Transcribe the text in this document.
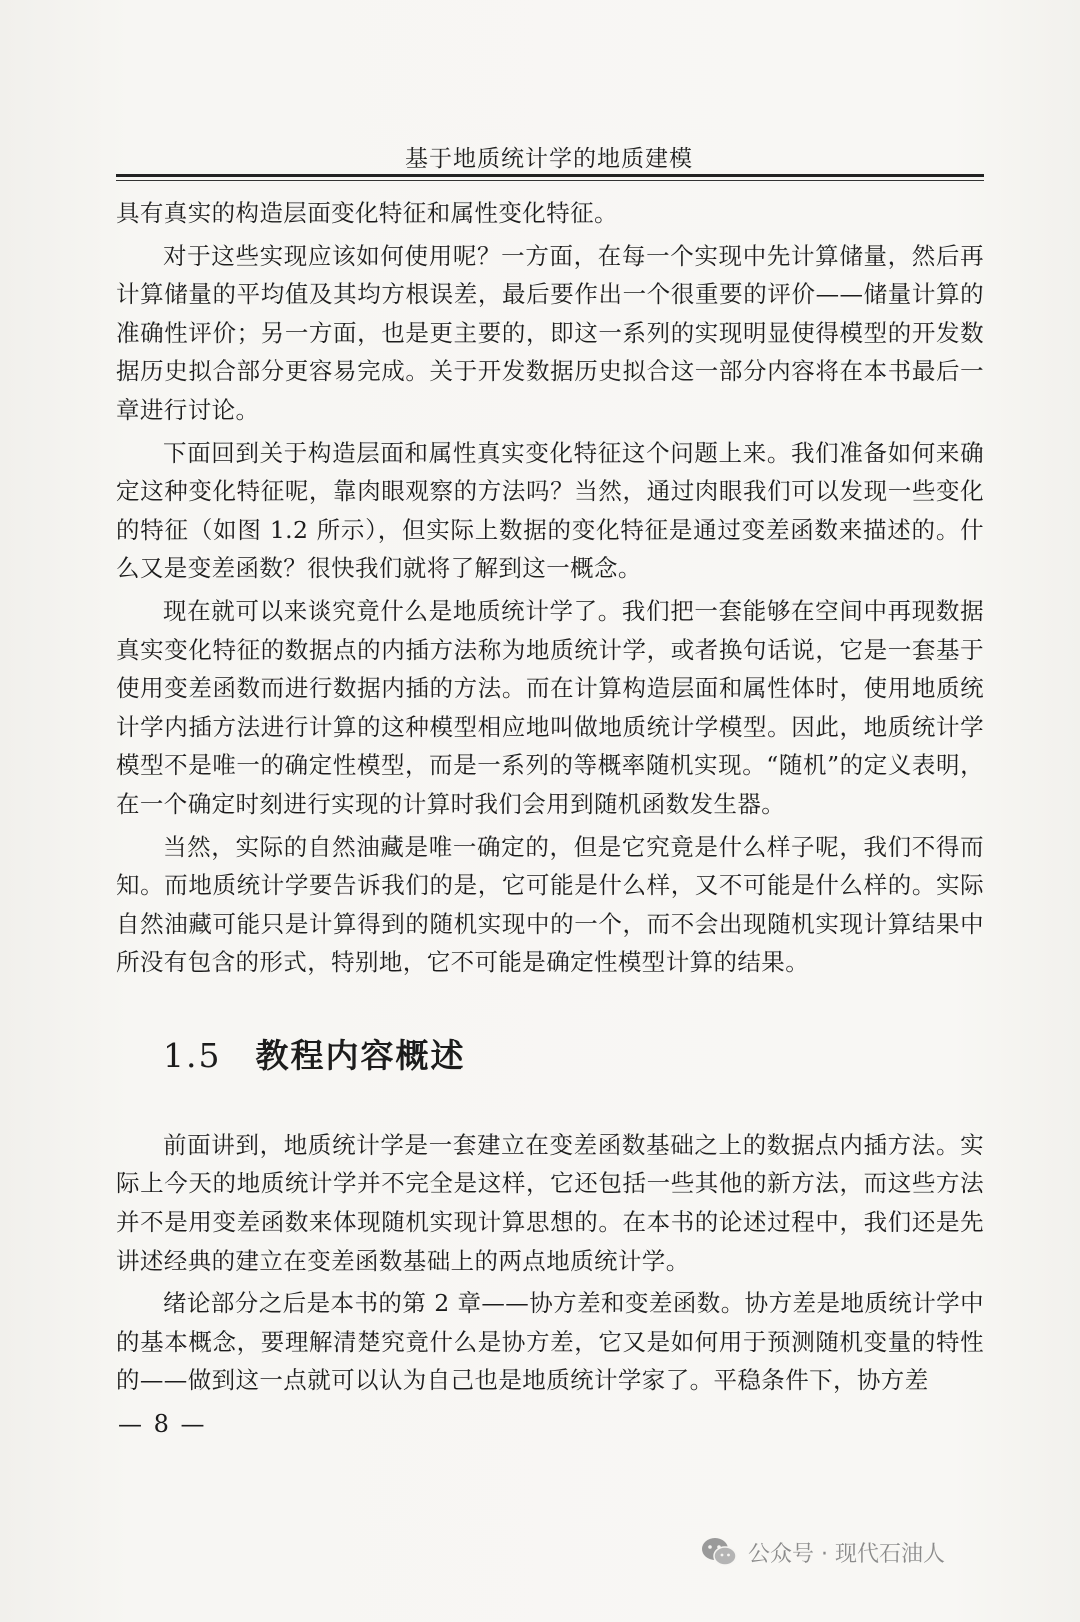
基于地质统计学的地质建模

具有真实的构造层面变化特征和属性变化特征。

对于这些实现应该如何使用呢？一方面，在每一个实现中先计算储量，然后再计算储量的平均值及其均方根误差，最后要作出一个很重要的评价——储量计算的准确性评价；另一方面，也是更主要的，即这一系列的实现明显使得模型的开发数据历史拟合部分更容易完成。关于开发数据历史拟合这一部分内容将在本书最后一章进行讨论。

下面回到关于构造层面和属性真实变化特征这个问题上来。我们准备如何来确定这种变化特征呢，靠肉眼观察的方法吗？当然，通过肉眼我们可以发现一些变化的特征（如图 1.2 所示），但实际上数据的变化特征是通过变差函数来描述的。什么又是变差函数？很快我们就将了解到这一概念。

现在就可以来谈究竟什么是地质统计学了。我们把一套能够在空间中再现数据真实变化特征的数据点的内插方法称为地质统计学，或者换句话说，它是一套基于使用变差函数而进行数据内插的方法。而在计算构造层面和属性体时，使用地质统计学内插方法进行计算的这种模型相应地叫做地质统计学模型。因此，地质统计学模型不是唯一的确定性模型，而是一系列的等概率随机实现。“随机”的定义表明，在一个确定时刻进行实现的计算时我们会用到随机函数发生器。

当然，实际的自然油藏是唯一确定的，但是它究竟是什么样子呢，我们不得而知。而地质统计学要告诉我们的是，它可能是什么样，又不可能是什么样的。实际自然油藏可能只是计算得到的随机实现中的一个，而不会出现随机实现计算结果中所没有包含的形式，特别地，它不可能是确定性模型计算的结果。

1.5 教程内容概述

前面讲到，地质统计学是一套建立在变差函数基础之上的数据点内插方法。实际上今天的地质统计学并不完全是这样，它还包括一些其他的新方法，而这些方法并不是用变差函数来体现随机实现计算思想的。在本书的论述过程中，我们还是先讲述经典的建立在变差函数基础上的两点地质统计学。

绪论部分之后是本书的第 2 章——协方差和变差函数。协方差是地质统计学中的基本概念，要理解清楚究竟什么是协方差，它又是如何用于预测随机变量的特性的——做到这一点就可以认为自己也是地质统计学家了。平稳条件下，协方差

— 8 —
公众号 · 现代石油人
